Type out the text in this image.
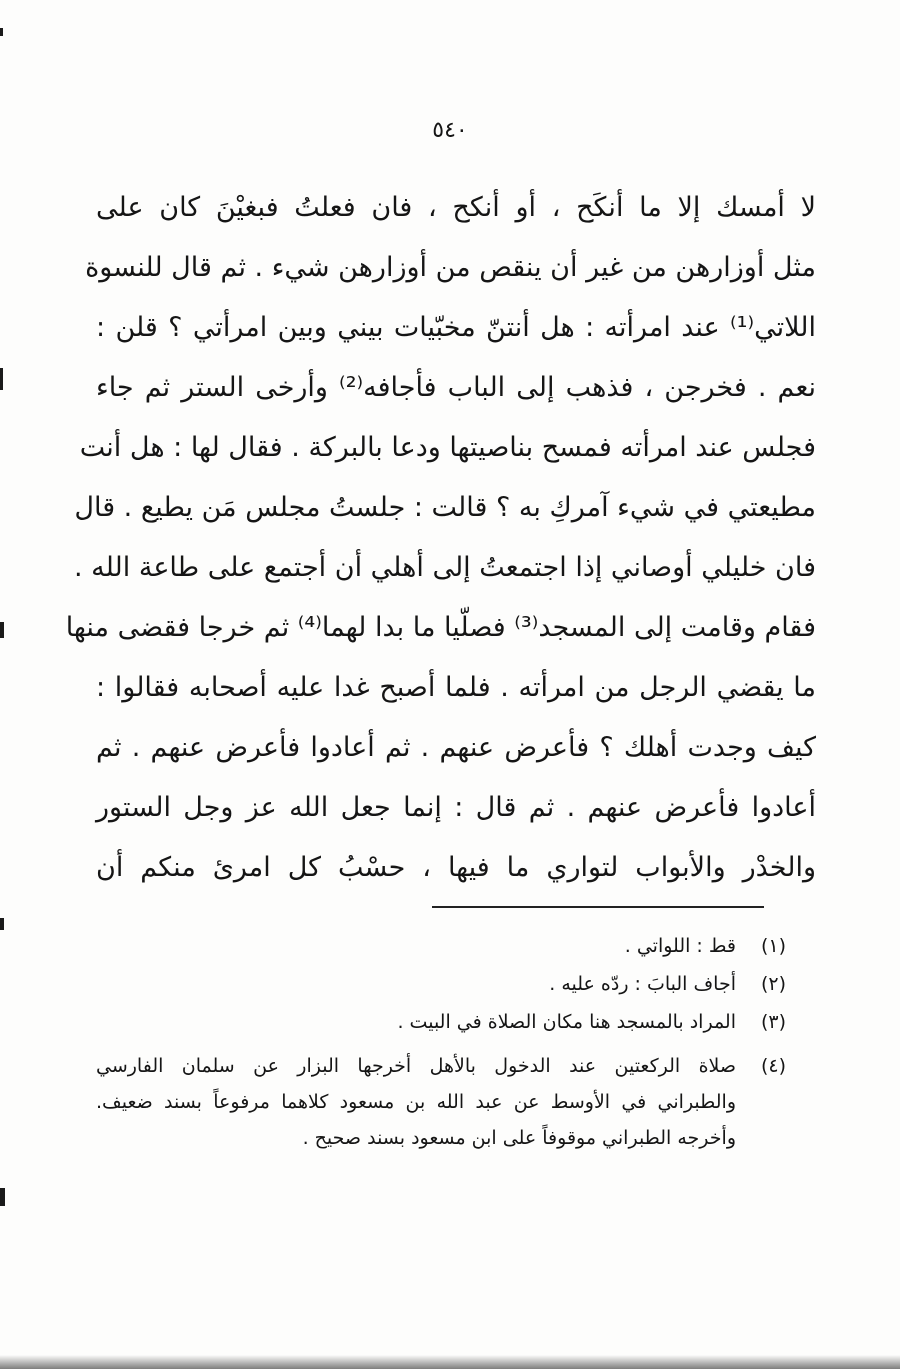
٥٤٠
لا أمسك إلا ما أنكَح ، أو أنكح ، فان فعلتُ فبغيْنَ كان على
مثل أوزارهن من غير أن ينقص من أوزارهن شيء . ثم قال للنسوة
اللاتي⁽¹⁾ عند امرأته : هل أنتنّ مخبّيات بيني وبين امرأتي ؟ قلن :
نعم . فخرجن ، فذهب إلى الباب فأجافه⁽²⁾ وأرخى الستر ثم جاء
فجلس عند امرأته فمسح بناصيتها ودعا بالبركة . فقال لها : هل أنت
مطيعتي في شيء آمركِ به ؟ قالت : جلستُ مجلس مَن يطيع . قال
فان خليلي أوصاني إذا اجتمعتُ إلى أهلي أن أجتمع على طاعة الله .
فقام وقامت إلى المسجد⁽³⁾ فصلّيا ما بدا لهما⁽⁴⁾ ثم خرجا فقضى منها
ما يقضي الرجل من امرأته . فلما أصبح غدا عليه أصحابه فقالوا :
كيف وجدت أهلك ؟ فأعرض عنهم . ثم أعادوا فأعرض عنهم . ثم
أعادوا فأعرض عنهم . ثم قال : إنما جعل الله عز وجل الستور
والخدْر والأبواب لتواري ما فيها ، حسْبُ كل امرئ منكم أن
(١)
قط : اللواتي .
(٢)
أجاف البابَ : ردّه عليه .
(٣)
المراد بالمسجد هنا مكان الصلاة في البيت .
(٤)
صلاة الركعتين عند الدخول بالأهل أخرجها البزار عن سلمان الفارسي
والطبراني في الأوسط عن عبد الله بن مسعود كلاهما مرفوعاً بسند ضعيف.
وأخرجه الطبراني موقوفاً على ابن مسعود بسند صحيح .
